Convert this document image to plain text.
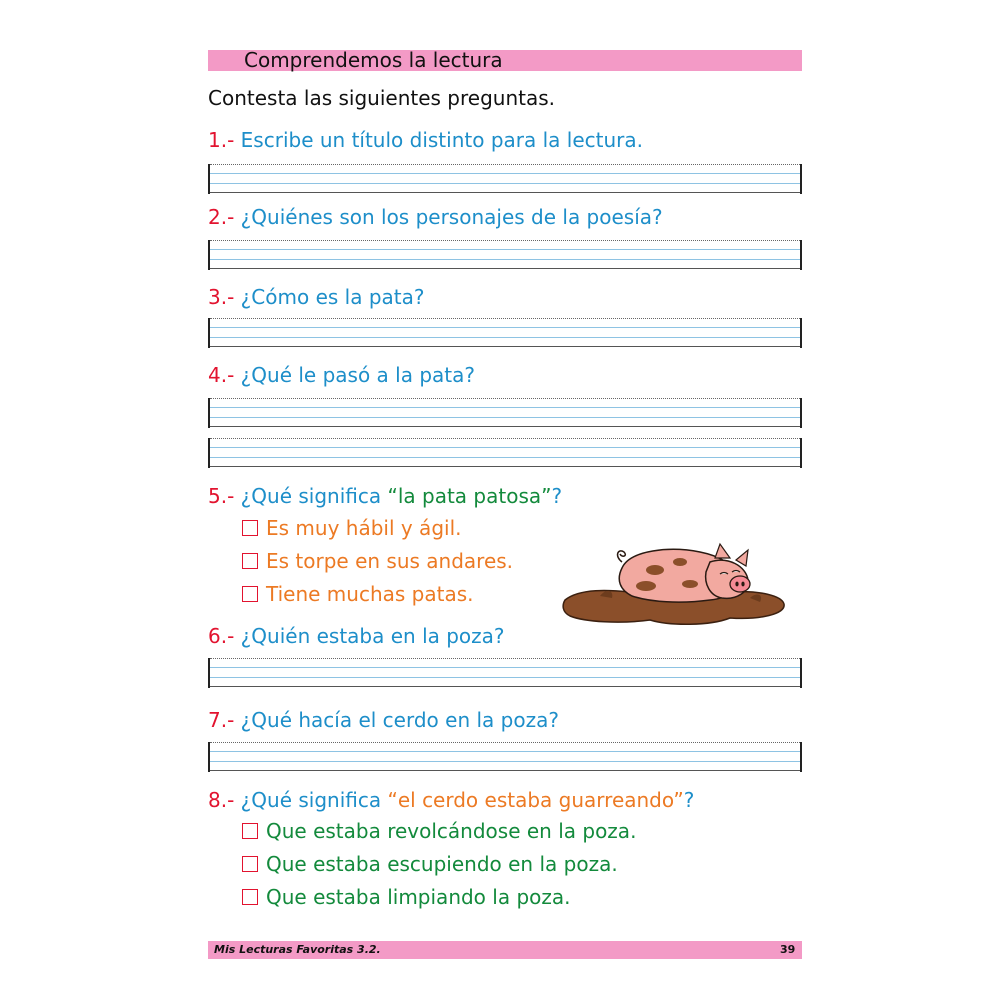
Comprendemos la lectura
Contesta las siguientes preguntas.
1.- Escribe un título distinto para la lectura.
2.- ¿Quiénes son los personajes de la poesía?
3.- ¿Cómo es la pata?
4.- ¿Qué le pasó a la pata?
5.- ¿Qué significa “la pata patosa”?
Es muy hábil y ágil.
Es torpe en sus andares.
Tiene muchas patas.
6.- ¿Quién estaba en la poza?
7.- ¿Qué hacía el cerdo en la poza?
8.- ¿Qué significa “el cerdo estaba guarreando”?
Que estaba revolcándose en la poza.
Que estaba escupiendo en la poza.
Que estaba limpiando la poza.
Mis Lecturas Favoritas 3.2.	39
